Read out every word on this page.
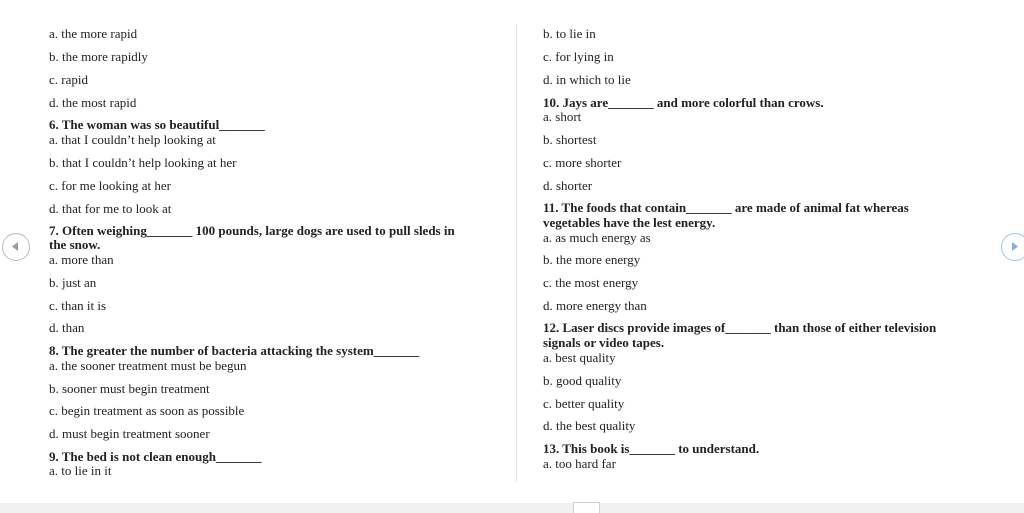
a. the more rapid
b. the more rapidly
c. rapid
d. the most rapid
6. The woman was so beautiful_______
a. that I couldn’t help looking at
b. that I couldn’t help looking at her
c. for me looking at her
d. that for me to look at
7. Often weighing_______ 100 pounds, large dogs are used to pull sleds in
the snow.
a. more than
b. just an
c. than it is
d. than
8. The greater the number of bacteria attacking the system_______
a. the sooner treatment must be begun
b. sooner must begin treatment
c. begin treatment as soon as possible
d. must begin treatment sooner
9. The bed is not clean enough_______
a. to lie in it
b. to lie in
c. for lying in
d. in which to lie
10. Jays are_______ and more colorful than crows.
a. short
b. shortest
c. more shorter
d. shorter
11. The foods that contain_______ are made of animal fat whereas
vegetables have the lest energy.
a. as much energy as
b. the more energy
c. the most energy
d. more energy than
12. Laser discs provide images of_______ than those of either television
signals or video tapes.
a. best quality
b. good quality
c. better quality
d. the best quality
13. This book is_______ to understand.
a. too hard far
